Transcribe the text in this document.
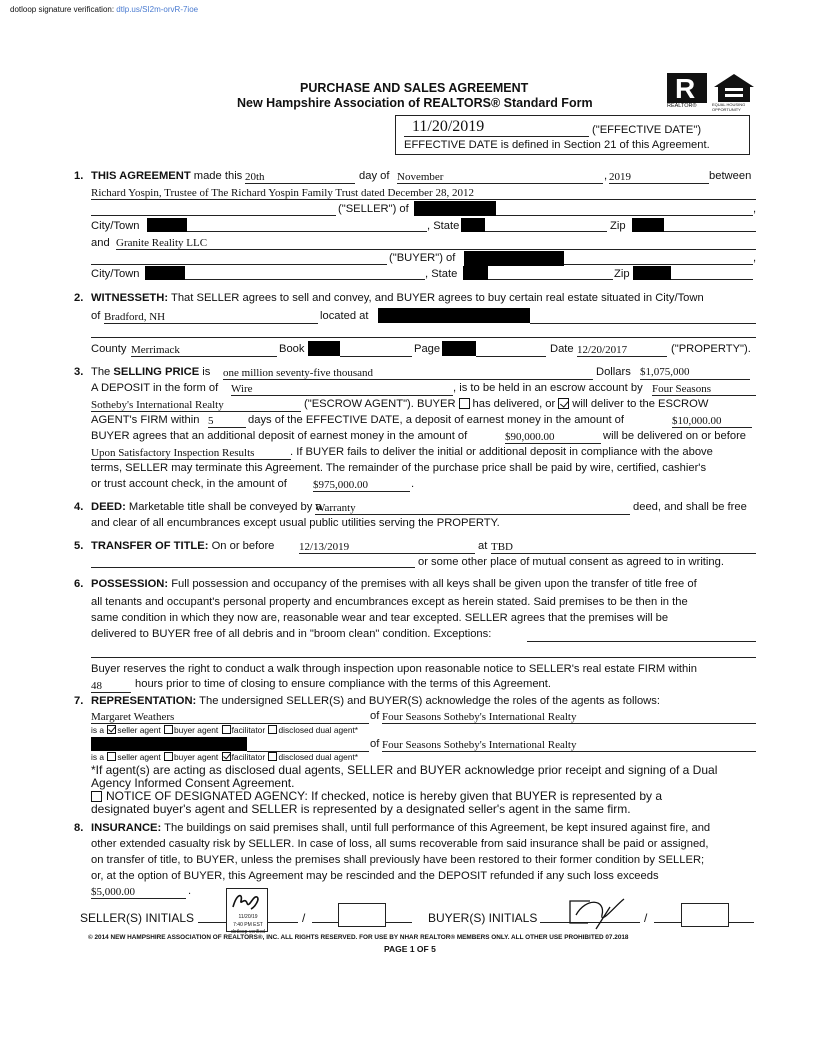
dotloop signature verification: dtlp.us/SI2m-orvR-7ioe
PURCHASE AND SALES AGREEMENT
New Hampshire Association of REALTORS® Standard Form	R
REALTOR®	EQUAL HOUSING OPPORTUNITY
11/20/2019	("EFFECTIVE DATE")
EFFECTIVE DATE is defined in Section 21 of this Agreement.
1. THIS AGREEMENT made this 20th	day of November	, 2019	between
Richard Yospin, Trustee of The Richard Yospin Family Trust dated December 28, 2012
("SELLER") of	,
City/Town	, State	Zip
and Granite Reality LLC
("BUYER") of	,
City/Town	, State	Zip
2. WITNESSETH: That SELLER agrees to sell and convey, and BUYER agrees to buy certain real estate situated in City/Town
of Bradford, NH	located at
County Merrimack	Book	Page	Date 12/20/2017	("PROPERTY").
3. The SELLING PRICE is one million seventy-five thousand	Dollars $1,075,000
A DEPOSIT in the form of Wire	, is to be held in an escrow account by Four Seasons
Sotheby's International Realty	("ESCROW AGENT"). BUYER has delivered, or will deliver to the ESCROW
AGENT's FIRM within 5	days of the EFFECTIVE DATE, a deposit of earnest money in the amount of	$10,000.00
BUYER agrees that an additional deposit of earnest money in the amount of	$90,000.00	will be delivered on or before
Upon Satisfactory Inspection Results	. If BUYER fails to deliver the initial or additional deposit in compliance with the above
terms, SELLER may terminate this Agreement. The remainder of the purchase price shall be paid by wire, certified, cashier's
or trust account check, in the amount of $975,000.00	.
4. DEED: Marketable title shall be conveyed by a
Warranty	deed, and shall be free
and clear of all encumbrances except usual public utilities serving the PROPERTY.
5. TRANSFER OF TITLE: On or before 12/13/2019	at TBD
or some other place of mutual consent as agreed to in writing.
6. POSSESSION: Full possession and occupancy of the premises with all keys shall be given upon the transfer of title free of
all tenants and occupant's personal property and encumbrances except as herein stated. Said premises to be then in the
same condition in which they now are, reasonable wear and tear excepted. SELLER agrees that the premises will be
delivered to BUYER free of all debris and in "broom clean" condition. Exceptions:
Buyer reserves the right to conduct a walk through inspection upon reasonable notice to SELLER's real estate FIRM within
48	hours prior to time of closing to ensure compliance with the terms of this Agreement.
7. REPRESENTATION: The undersigned SELLER(S) and BUYER(S) acknowledge the roles of the agents as follows:
Margaret Weathers	of Four Seasons Sotheby's International Realty
is a seller agent buyer agent facilitator disclosed dual agent*
of Four Seasons Sotheby's International Realty
is a seller agent buyer agent facilitator disclosed dual agent*
*If agent(s) are acting as disclosed dual agents, SELLER and BUYER acknowledge prior receipt and signing of a Dual
Agency Informed Consent Agreement.
NOTICE OF DESIGNATED AGENCY: If checked, notice is hereby given that BUYER is represented by a
designated buyer's agent and SELLER is represented by a designated seller's agent in the same firm.
8. INSURANCE: The buildings on said premises shall, until full performance of this Agreement, be kept insured against fire, and
other extended casualty risk by SELLER. In case of loss, all sums recoverable from said insurance shall be paid or assigned,
on transfer of title, to BUYER, unless the premises shall previously have been restored to their former condition by SELLER;
or, at the option of BUYER, this Agreement may be rescinded and the DEPOSIT refunded if any such loss exceeds
$5,000.00	.
SELLER(S) INITIALS	11/20/19
7:40 PM EST
dotloop verified
/	BUYER(S) INITIALS	/
© 2014 NEW HAMPSHIRE ASSOCIATION OF REALTORS®, INC. ALL RIGHTS RESERVED. FOR USE BY NHAR REALTOR® MEMBERS ONLY. ALL OTHER USE PROHIBITED 07.2018
PAGE 1 OF 5
